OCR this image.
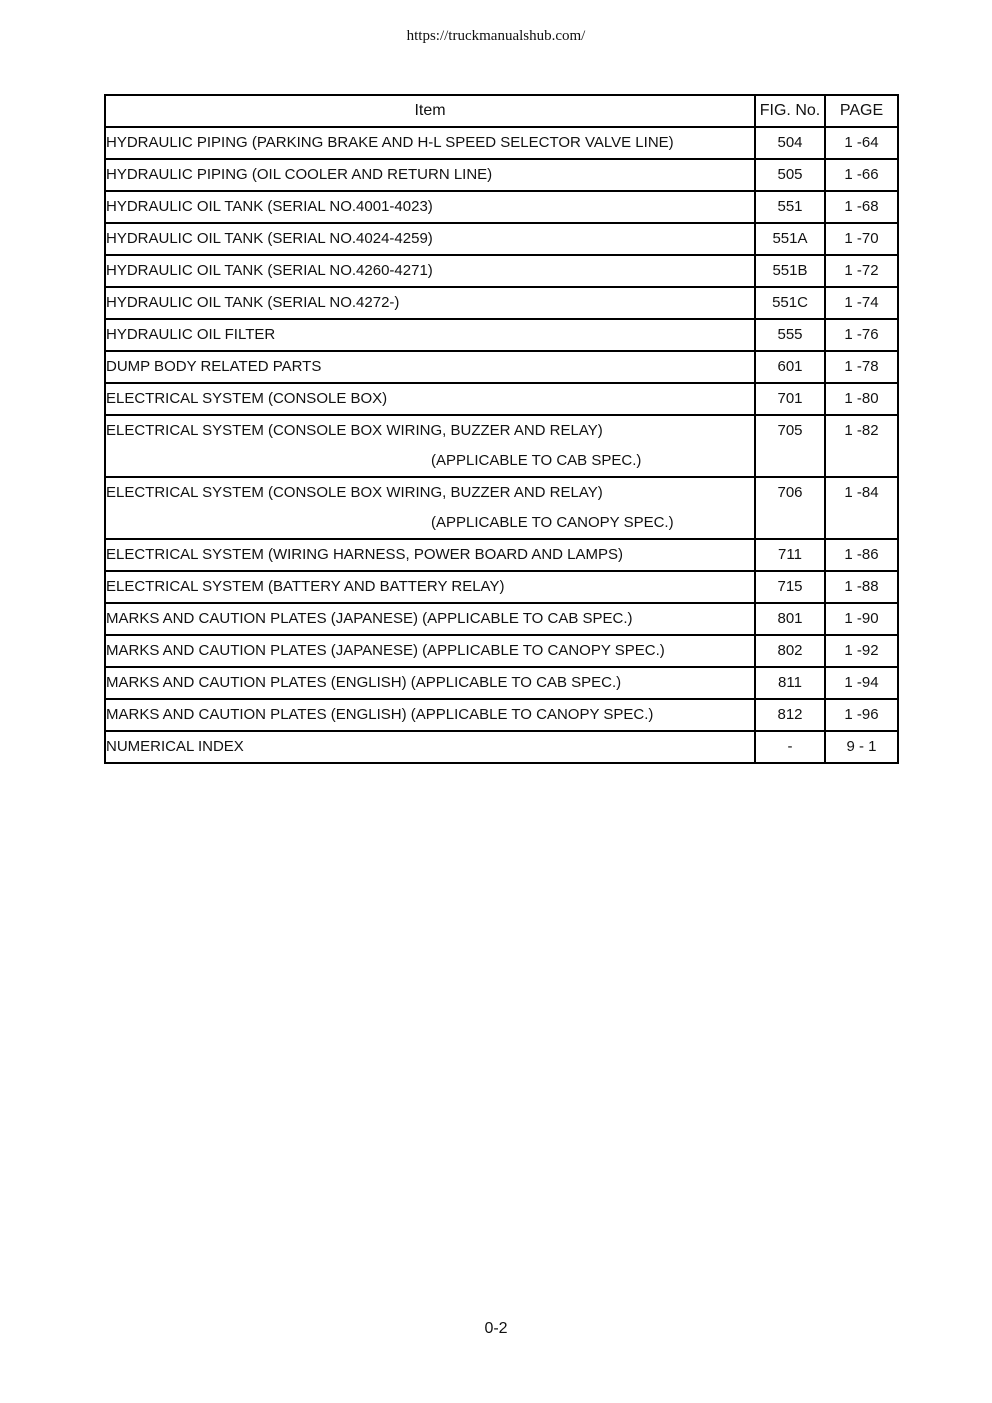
https://truckmanualshub.com/
Item	FIG. No.	PAGE

HYDRAULIC PIPING (PARKING BRAKE AND H-L SPEED SELECTOR VALVE LINE)	504	1 -64

HYDRAULIC PIPING (OIL COOLER AND RETURN LINE)	505	1 -66

HYDRAULIC OIL TANK (SERIAL NO.4001-4023)	551	1 -68

HYDRAULIC OIL TANK (SERIAL NO.4024-4259)	551A	1 -70

HYDRAULIC OIL TANK (SERIAL NO.4260-4271)	551B	1 -72

HYDRAULIC OIL TANK (SERIAL NO.4272-)	551C	1 -74

HYDRAULIC OIL FILTER	555	1 -76

DUMP BODY RELATED PARTS	601	1 -78

ELECTRICAL SYSTEM (CONSOLE BOX)	701	1 -80

ELECTRICAL SYSTEM (CONSOLE BOX WIRING, BUZZER AND RELAY)
(APPLICABLE TO CAB SPEC.)	705	1 -82

ELECTRICAL SYSTEM (CONSOLE BOX WIRING, BUZZER AND RELAY)
(APPLICABLE TO CANOPY SPEC.)	706	1 -84

ELECTRICAL SYSTEM (WIRING HARNESS, POWER BOARD AND LAMPS)	711	1 -86

ELECTRICAL SYSTEM (BATTERY AND BATTERY RELAY)	715	1 -88

MARKS AND CAUTION PLATES (JAPANESE) (APPLICABLE TO CAB SPEC.)	801	1 -90

MARKS AND CAUTION PLATES (JAPANESE) (APPLICABLE TO CANOPY SPEC.)	802	1 -92

MARKS AND CAUTION PLATES (ENGLISH) (APPLICABLE TO CAB SPEC.)	811	1 -94

MARKS AND CAUTION PLATES (ENGLISH) (APPLICABLE TO CANOPY SPEC.)	812	1 -96

NUMERICAL INDEX	-	9 - 1
0-2
